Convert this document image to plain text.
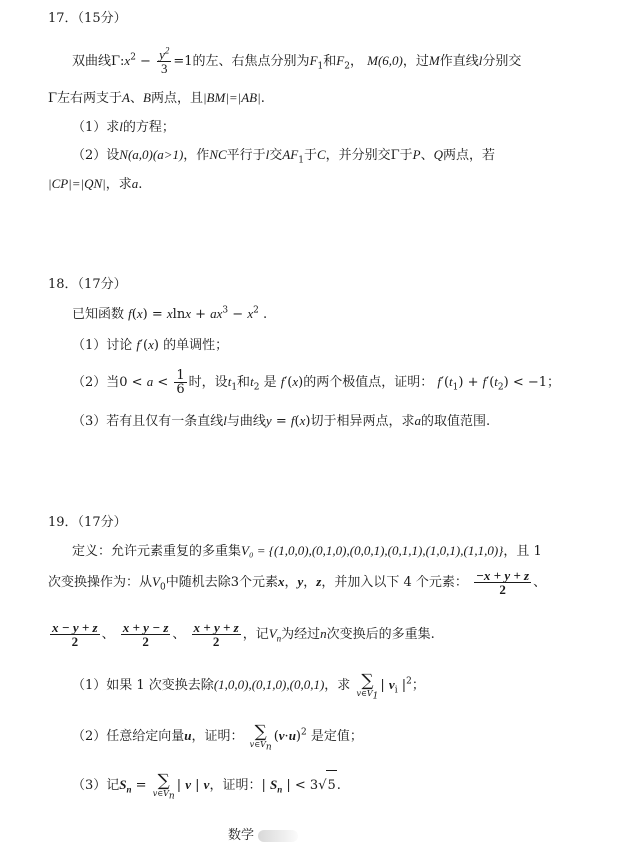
17．（15分）
双曲线$\Gamma:x^2 - \frac{y^2}{3} =1$的左、右焦点分别为$F_1$和$F_2$， M(6,0)，过M作直线l分别交
Γ左右两支于A、B两点，且|BM|=|AB|.
（1）求l的方程；
（2）设N(a,0)(a>1)，作NC平行于l交$AF_1$于C，并分别交Γ于P、Q两点，若
|CP|=|QN|，求a.
18．（17分）
已知函数 $f(x) = xlnx + ax^3 - x^2$ .
（1）讨论 f′(x) 的单调性；
（2）当$0 < a < \frac{1}{6}$ 时，设$t_1$和$t_2$ 是 f′(x)的两个极值点，证明： $f'(t_1) + f'(t_2) < -1$；
（3）若有且仅有一条直线l与曲线y = f(x)切于相异两点，求a的取值范围.
19．（17分）
定义：允许元素重复的多重集V₀ = {(1,0,0),(0,1,0),(0,0,1),(0,1,1),(1,0,1),(1,1,0)}，且 1
次变换操作为：从$V_0$中随机去除3个元素x，y，z，并加入以下 4 个元素： $\frac{-x + y + z}{2}$ 、
$\frac{x - y + z}{2}$ 、 $\frac{x + y - z}{2}$ 、 $\frac{x + y + z}{2}$ ，记$V_n$为经过n次变换后的多重集.
（1）如果 1 次变换去除(1,0,0),(0,1,0),(0,0,1)，求 ∑
$v\in V_1$
| $v_i$ $|^2$；
（2）任意给定向量u，证明： ∑
$v\in V_n$
$(v\cdot u)^2$ 是定值；
（3）记$S_n$ = ∑
$v\in V_n$
| v | v，证明：| $S_n$ | < 3√5.
数学
